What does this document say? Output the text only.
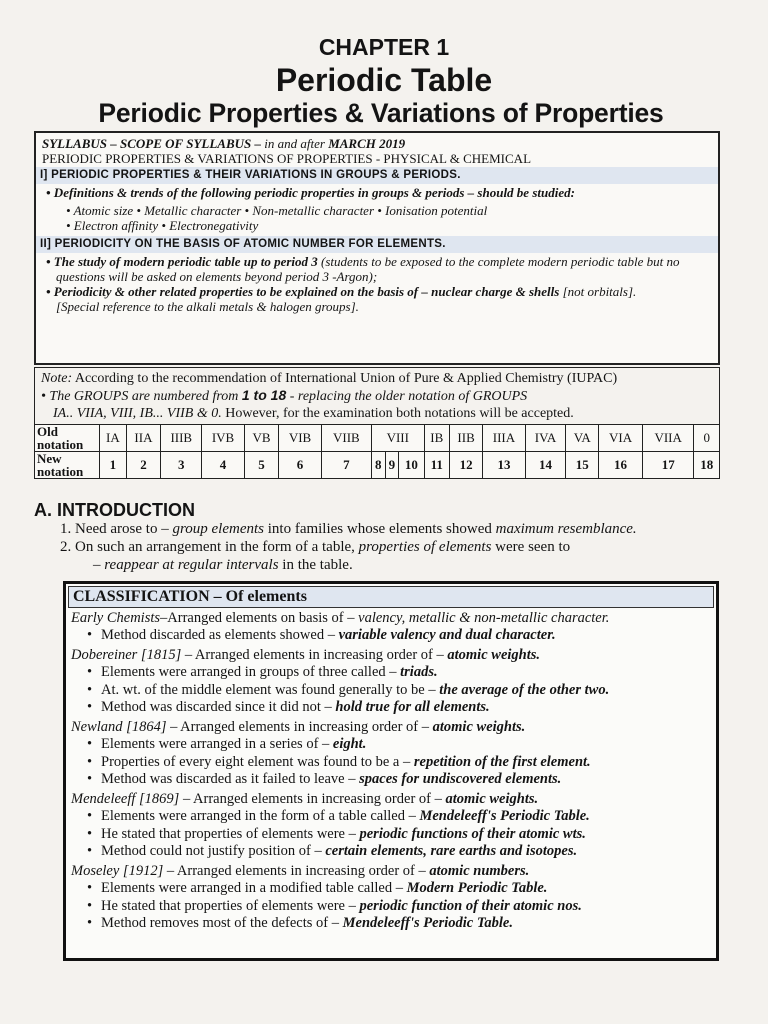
CHAPTER 1
Periodic Table
Periodic Properties & Variations of Properties
SYLLABUS – SCOPE OF SYLLABUS – in and after MARCH 2019
PERIODIC PROPERTIES & VARIATIONS OF PROPERTIES - PHYSICAL & CHEMICAL
I] PERIODIC PROPERTIES & THEIR VARIATIONS IN GROUPS & PERIODS.
• Definitions & trends of the following periodic properties in groups & periods – should be studied:
• Atomic size • Metallic character • Non-metallic character • Ionisation potential
• Electron affinity • Electronegativity
II] PERIODICITY ON THE BASIS OF ATOMIC NUMBER FOR ELEMENTS.
• The study of modern periodic table up to period 3 (students to be exposed to the complete modern periodic table but no questions will be asked on elements beyond period 3 -Argon);
• Periodicity & other related properties to be explained on the basis of – nuclear charge & shells [not orbitals].
[Special reference to the alkali metals & halogen groups].
Note: According to the recommendation of International Union of Pure & Applied Chemistry (IUPAC)
• The GROUPS are numbered from 1 to 18 - replacing the older notation of GROUPS
IA.. VIIA, VIII, IB... VIIB & 0. However, for the examination both notations will be accepted.
Old notation	IA	IIA	IIIB	IVB	VB	VIB	VIIB	VIII			IB	IIB	IIIA	IVA	VA	VIA	VIIA	0
New notation	1	2	3	4	5	6	7	8	9	10	11	12	13	14	15	16	17	18
A. INTRODUCTION
1. Need arose to – group elements into families whose elements showed maximum resemblance.
2. On such an arrangement in the form of a table, properties of elements were seen to
– reappear at regular intervals in the table.
CLASSIFICATION – Of elements
Early Chemists–Arranged elements on basis of – valency, metallic & non-metallic character.
• Method discarded as elements showed – variable valency and dual character.
Dobereiner [1815] – Arranged elements in increasing order of – atomic weights.
• Elements were arranged in groups of three called – triads.
• At. wt. of the middle element was found generally to be – the average of the other two.
• Method was discarded since it did not – hold true for all elements.
Newland [1864] – Arranged elements in increasing order of – atomic weights.
• Elements were arranged in a series of – eight.
• Properties of every eight element was found to be a – repetition of the first element.
• Method was discarded as it failed to leave – spaces for undiscovered elements.
Mendeleeff [1869] – Arranged elements in increasing order of – atomic weights.
• Elements were arranged in the form of a table called – Mendeleeff's Periodic Table.
• He stated that properties of elements were – periodic functions of their atomic wts.
• Method could not justify position of – certain elements, rare earths and isotopes.
Moseley [1912] – Arranged elements in increasing order of – atomic numbers.
• Elements were arranged in a modified table called – Modern Periodic Table.
• He stated that properties of elements were – periodic function of their atomic nos.
• Method removes most of the defects of – Mendeleeff's Periodic Table.
